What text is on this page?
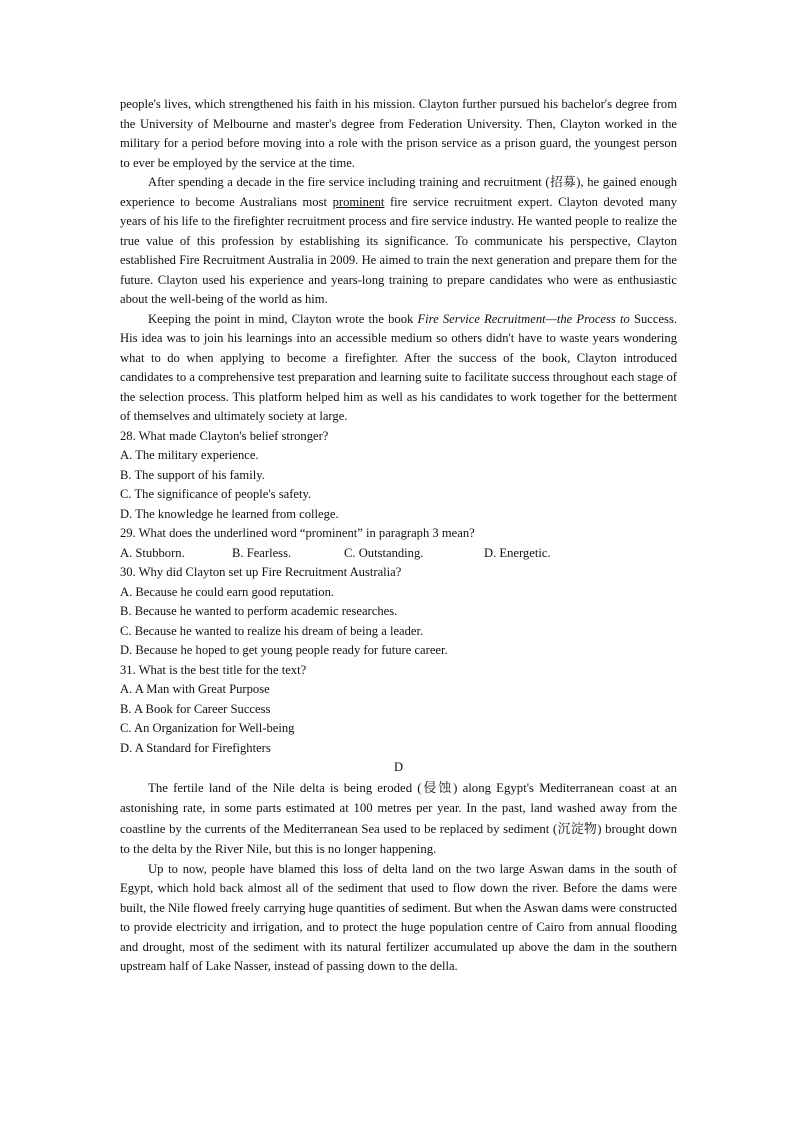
people's lives, which strengthened his faith in his mission. Clayton further pursued his bachelor's degree from the University of Melbourne and master's degree from Federation University. Then, Clayton worked in the military for a period before moving into a role with the prison service as a prison guard, the youngest person to ever be employed by the service at the time.

After spending a decade in the fire service including training and recruitment (招募), he gained enough experience to become Australians most prominent fire service recruitment expert. Clayton devoted many years of his life to the firefighter recruitment process and fire service industry. He wanted people to realize the true value of this profession by establishing its significance. To communicate his perspective, Clayton established Fire Recruitment Australia in 2009. He aimed to train the next generation and prepare them for the future. Clayton used his experience and years-long training to prepare candidates who were as enthusiastic about the well-being of the world as him.

Keeping the point in mind, Clayton wrote the book Fire Service Recruitment—the Process to Success. His idea was to join his learnings into an accessible medium so others didn't have to waste years wondering what to do when applying to become a firefighter. After the success of the book, Clayton introduced candidates to a comprehensive test preparation and learning suite to facilitate success throughout each stage of the selection process. This platform helped him as well as his candidates to work together for the betterment of themselves and ultimately society at large.

28. What made Clayton's belief stronger?
A. The military experience.
B. The support of his family.
C. The significance of people's safety.
D. The knowledge he learned from college.
29. What does the underlined word “prominent” in paragraph 3 mean?
A. Stubborn.	B. Fearless.	C. Outstanding.	D. Energetic.
30. Why did Clayton set up Fire Recruitment Australia?
A. Because he could earn good reputation.
B. Because he wanted to perform academic researches.
C. Because he wanted to realize his dream of being a leader.
D. Because he hoped to get young people ready for future career.
31. What is the best title for the text?
A. A Man with Great Purpose
B. A Book for Career Success
C. An Organization for Well-being
D. A Standard for Firefighters

D

The fertile land of the Nile delta is being eroded (侵蚀) along Egypt's Mediterranean coast at an astonishing rate, in some parts estimated at 100 metres per year. In the past, land washed away from the coastline by the currents of the Mediterranean Sea used to be replaced by sediment (沉淀物) brought down to the delta by the River Nile, but this is no longer happening.

Up to now, people have blamed this loss of delta land on the two large Aswan dams in the south of Egypt, which hold back almost all of the sediment that used to flow down the river. Before the dams were built, the Nile flowed freely carrying huge quantities of sediment. But when the Aswan dams were constructed to provide electricity and irrigation, and to protect the huge population centre of Cairo from annual flooding and drought, most of the sediment with its natural fertilizer accumulated up above the dam in the southern upstream half of Lake Nasser, instead of passing down to the della.
